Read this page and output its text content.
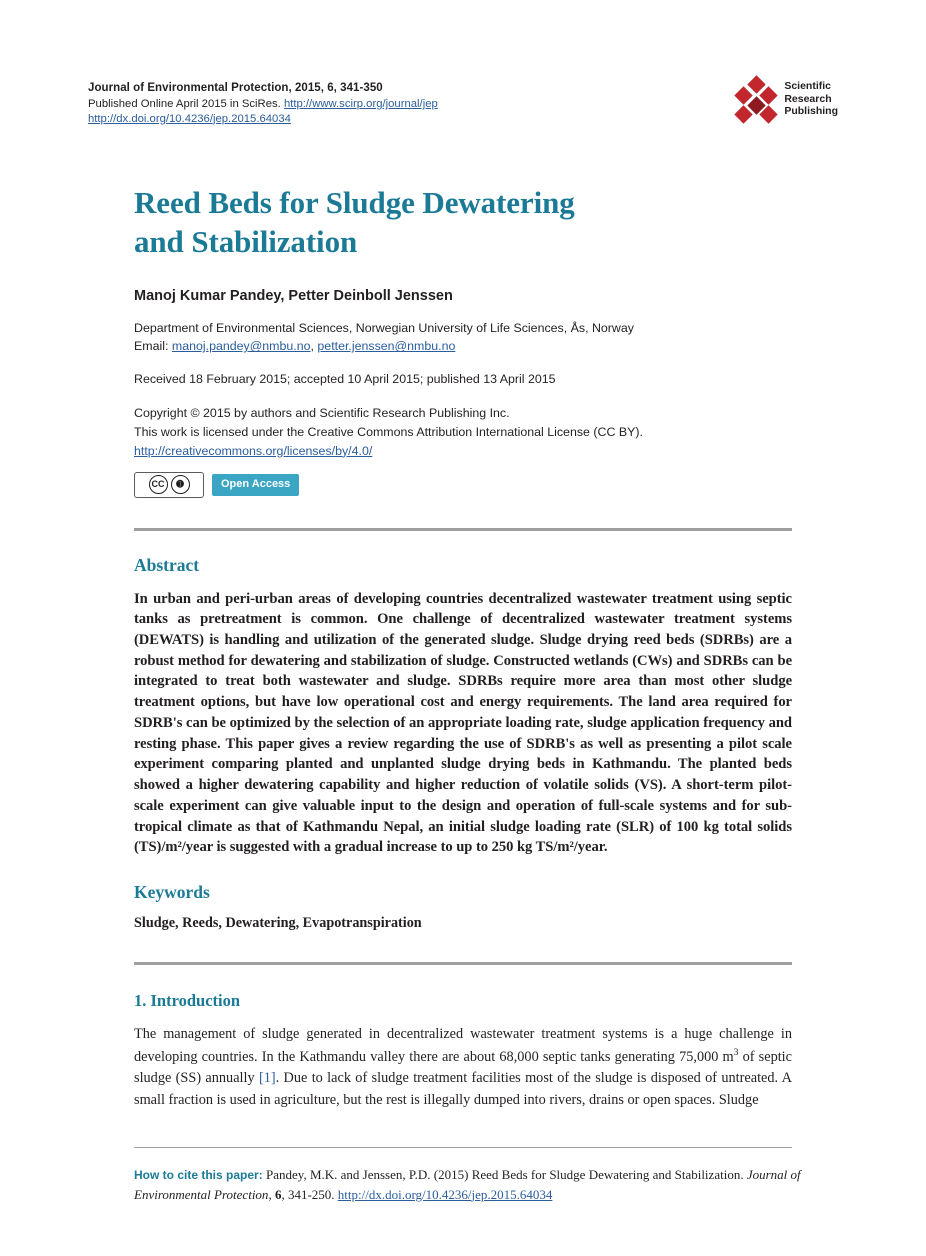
Journal of Environmental Protection, 2015, 6, 341-350
Published Online April 2015 in SciRes. http://www.scirp.org/journal/jep
http://dx.doi.org/10.4236/jep.2015.64034
Scientific
Research
Publishing
Reed Beds for Sludge Dewatering
and Stabilization
Manoj Kumar Pandey, Petter Deinboll Jenssen
Department of Environmental Sciences, Norwegian University of Life Sciences, Ås, Norway
Email: manoj.pandey@nmbu.no, petter.jenssen@nmbu.no
Received 18 February 2015; accepted 10 April 2015; published 13 April 2015
Copyright © 2015 by authors and Scientific Research Publishing Inc.
This work is licensed under the Creative Commons Attribution International License (CC BY).
http://creativecommons.org/licenses/by/4.0/
CC	➊	Open Access
Abstract
In urban and peri-urban areas of developing countries decentralized wastewater treatment using septic tanks as pretreatment is common. One challenge of decentralized wastewater treatment systems (DEWATS) is handling and utilization of the generated sludge. Sludge drying reed beds (SDRBs) are a robust method for dewatering and stabilization of sludge. Constructed wetlands (CWs) and SDRBs can be integrated to treat both wastewater and sludge. SDRBs require more area than most other sludge treatment options, but have low operational cost and energy requirements. The land area required for SDRB's can be optimized by the selection of an appropriate loading rate, sludge application frequency and resting phase. This paper gives a review regarding the use of SDRB's as well as presenting a pilot scale experiment comparing planted and unplanted sludge drying beds in Kathmandu. The planted beds showed a higher dewatering capability and higher reduction of volatile solids (VS). A short-term pilot-scale experiment can give valuable input to the design and operation of full-scale systems and for sub-tropical climate as that of Kathmandu Nepal, an initial sludge loading rate (SLR) of 100 kg total solids (TS)/m²/year is suggested with a gradual increase to up to 250 kg TS/m²/year.
Keywords
Sludge, Reeds, Dewatering, Evapotranspiration
1. Introduction
The management of sludge generated in decentralized wastewater treatment systems is a huge challenge in developing countries. In the Kathmandu valley there are about 68,000 septic tanks generating 75,000 $m^3$ of septic sludge (SS) annually [1]. Due to lack of sludge treatment facilities most of the sludge is disposed of untreated. A small fraction is used in agriculture, but the rest is illegally dumped into rivers, drains or open spaces. Sludge
How to cite this paper: Pandey, M.K. and Jenssen, P.D. (2015) Reed Beds for Sludge Dewatering and Stabilization. Journal of Environmental Protection, 6, 341-250. http://dx.doi.org/10.4236/jep.2015.64034
